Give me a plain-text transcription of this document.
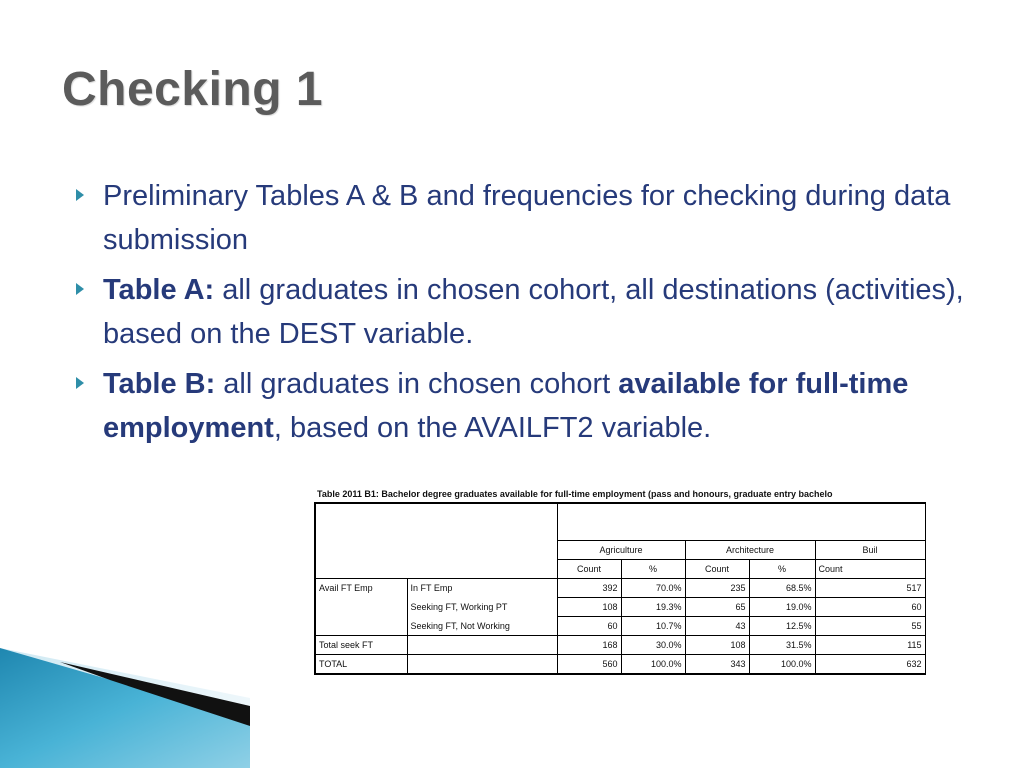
Checking 1
Preliminary Tables A & B and frequencies for checking during data submission
Table A: all graduates in chosen cohort, all destinations (activities), based on the DEST variable.
Table B: all graduates in chosen cohort available for full-time employment, based on the AVAILFT2 variable.
Table 2011 B1: Bachelor degree graduates available for full-time employment (pass and honours, graduate entry bachelo

		Agriculture		Architecture		Buil
		Count	%	Count	%	Count
Avail FT Emp	In FT Emp	392	70.0%	235	68.5%	517
	Seeking FT, Working PT	108	19.3%	65	19.0%	60
	Seeking FT, Not Working	60	10.7%	43	12.5%	55
Total seek FT		168	30.0%	108	31.5%	115
TOTAL		560	100.0%	343	100.0%	632
